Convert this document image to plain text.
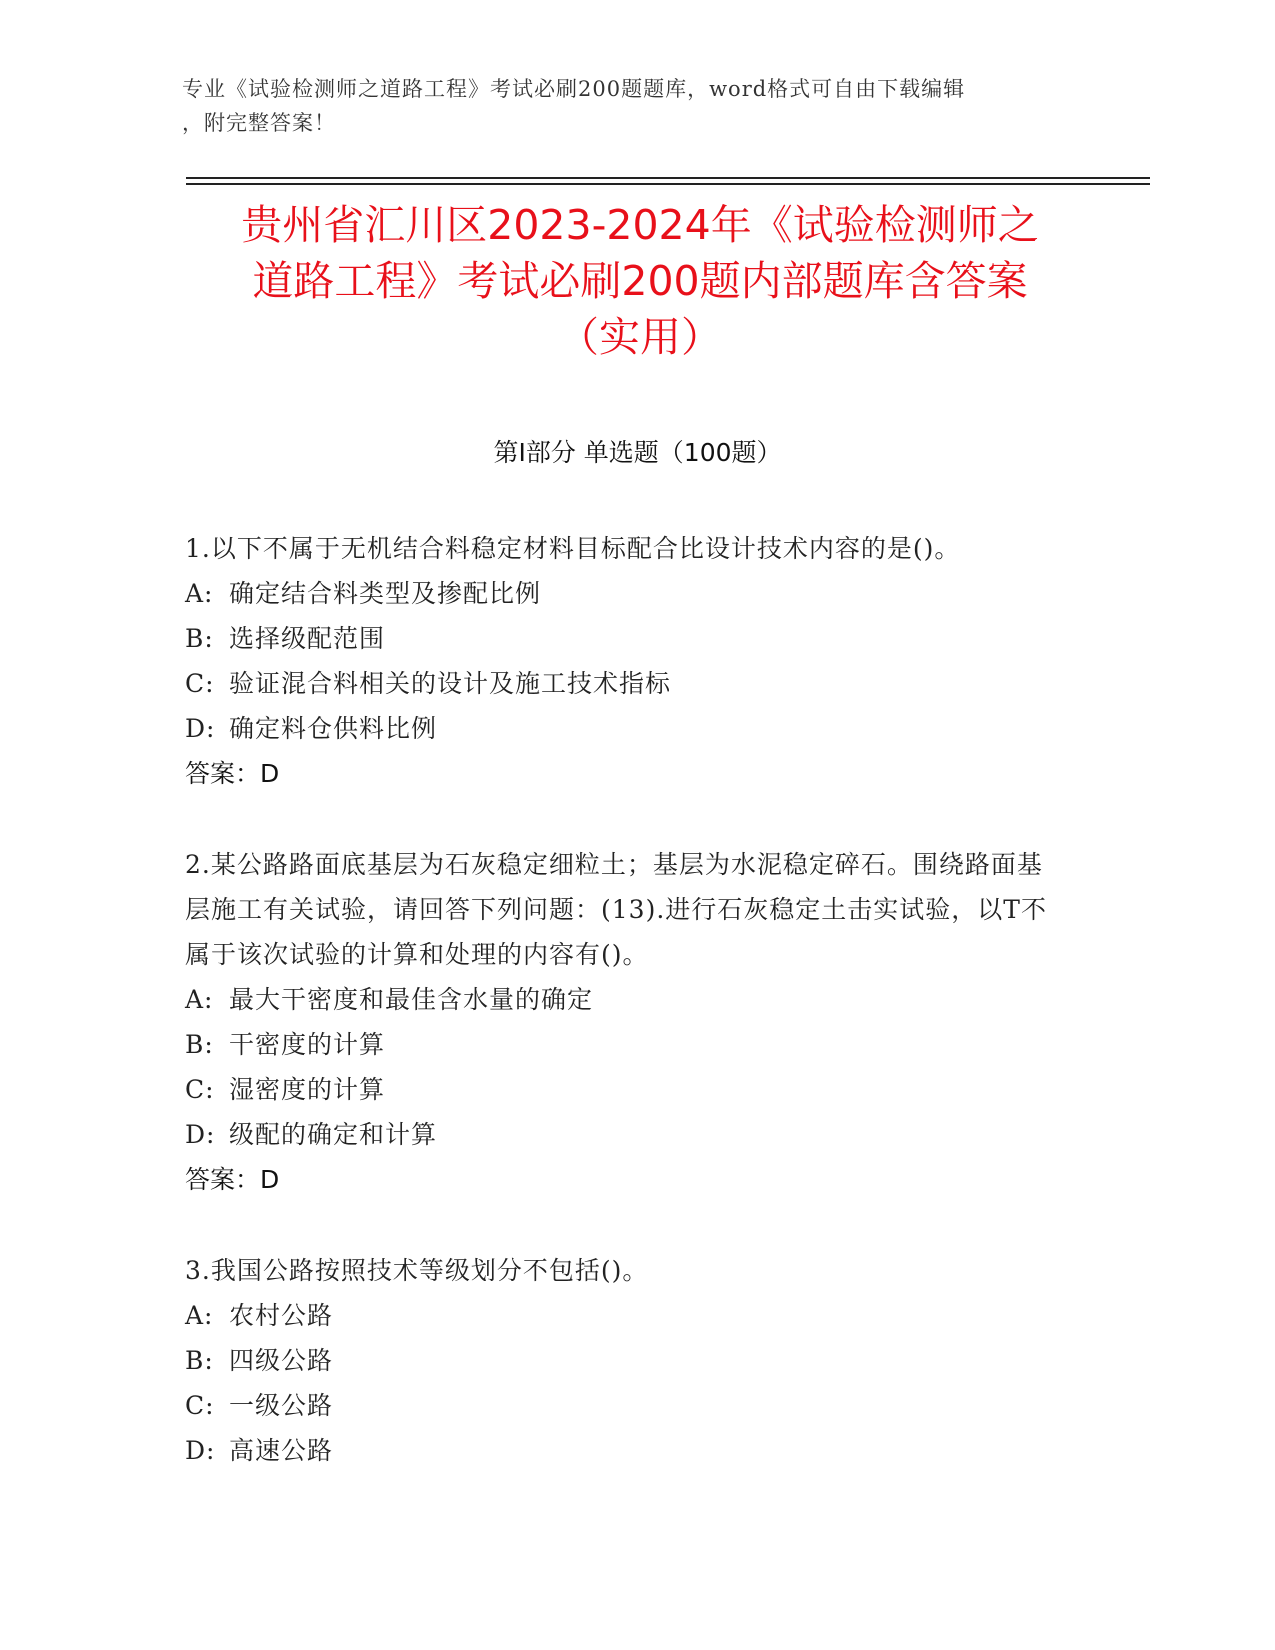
专业《试验检测师之道路工程》考试必刷200题题库，word格式可自由下载编辑
，附完整答案！
贵州省汇川区2023-2024年《试验检测师之
道路工程》考试必刷200题内部题库含答案
（实用）
第Ⅰ部分 单选题（100题）
1.以下不属于无机结合料稳定材料目标配合比设计技术内容的是()。
A: 确定结合料类型及掺配比例
B: 选择级配范围
C: 验证混合料相关的设计及施工技术指标
D: 确定料仓供料比例
答案：D
2.某公路路面底基层为石灰稳定细粒土；基层为水泥稳定碎石。围绕路面基层施工有关试验，请回答下列问题：(13).进行石灰稳定土击实试验，以T不属于该次试验的计算和处理的内容有()。
A: 最大干密度和最佳含水量的确定
B: 干密度的计算
C: 湿密度的计算
D: 级配的确定和计算
答案：D
3.我国公路按照技术等级划分不包括()。
A: 农村公路
B: 四级公路
C: 一级公路
D: 高速公路
